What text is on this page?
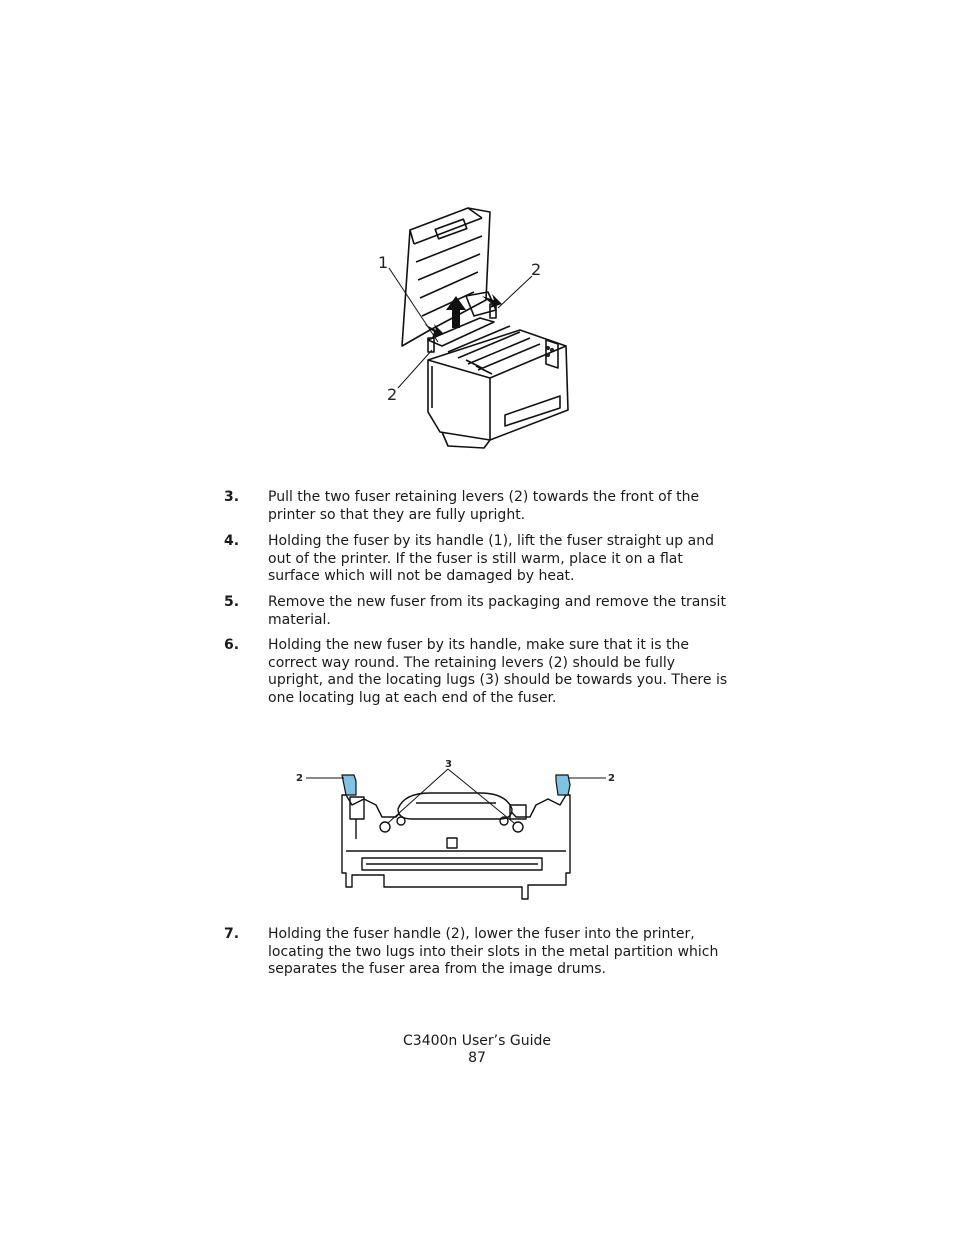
1	2
2
3. Pull the two fuser retaining levers (2) towards the front of the printer so that they are fully upright.
4. Holding the fuser by its handle (1), lift the fuser straight up and out of the printer. If the fuser is still warm, place it on a flat surface which will not be damaged by heat.
5. Remove the new fuser from its packaging and remove the transit material.
6. Holding the new fuser by its handle, make sure that it is the correct way round. The retaining levers (2) should be fully upright, and the locating lugs (3) should be towards you. There is one locating lug at each end of the fuser.
2
3
2
7. Holding the fuser handle (2), lower the fuser into the printer, locating the two lugs into their slots in the metal partition which separates the fuser area from the image drums.
C3400n User’s Guide
87
